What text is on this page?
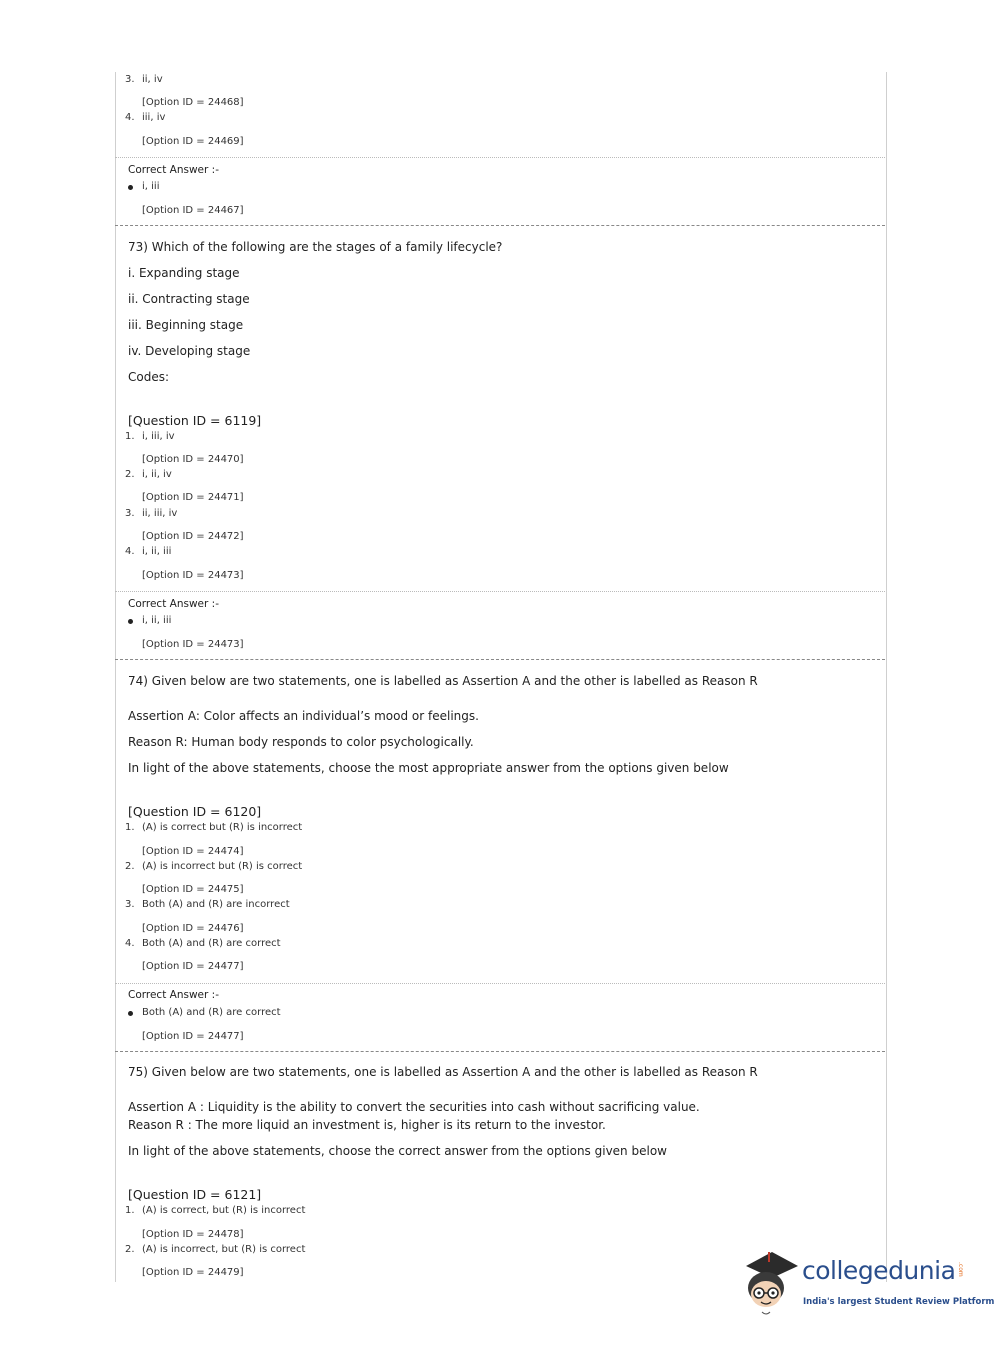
3. ii, iv
[Option ID = 24468]
4. iii, iv
[Option ID = 24469]
Correct Answer :-
i, iii
[Option ID = 24467]
73) Which of the following are the stages of a family lifecycle?
i. Expanding stage
ii. Contracting stage
iii. Beginning stage
iv. Developing stage
Codes:
[Question ID = 6119]
1. i, iii, iv
[Option ID = 24470]
2. i, ii, iv
[Option ID = 24471]
3. ii, iii, iv
[Option ID = 24472]
4. i, ii, iii
[Option ID = 24473]
Correct Answer :-
i, ii, iii
[Option ID = 24473]
74) Given below are two statements, one is labelled as Assertion A and the other is labelled as Reason R
Assertion A: Color affects an individual’s mood or feelings.
Reason R: Human body responds to color psychologically.
In light of the above statements, choose the most appropriate answer from the options given below
[Question ID = 6120]
1. (A) is correct but (R) is incorrect
[Option ID = 24474]
2. (A) is incorrect but (R) is correct
[Option ID = 24475]
3. Both (A) and (R) are incorrect
[Option ID = 24476]
4. Both (A) and (R) are correct
[Option ID = 24477]
Correct Answer :-
Both (A) and (R) are correct
[Option ID = 24477]
75) Given below are two statements, one is labelled as Assertion A and the other is labelled as Reason R
Assertion A : Liquidity is the ability to convert the securities into cash without sacrificing value.
Reason R : The more liquid an investment is, higher is its return to the investor.
In light of the above statements, choose the correct answer from the options given below
[Question ID = 6121]
1. (A) is correct, but (R) is incorrect
[Option ID = 24478]
2. (A) is incorrect, but (R) is correct
[Option ID = 24479]	collegedunia .com
India's largest Student Review Platform
